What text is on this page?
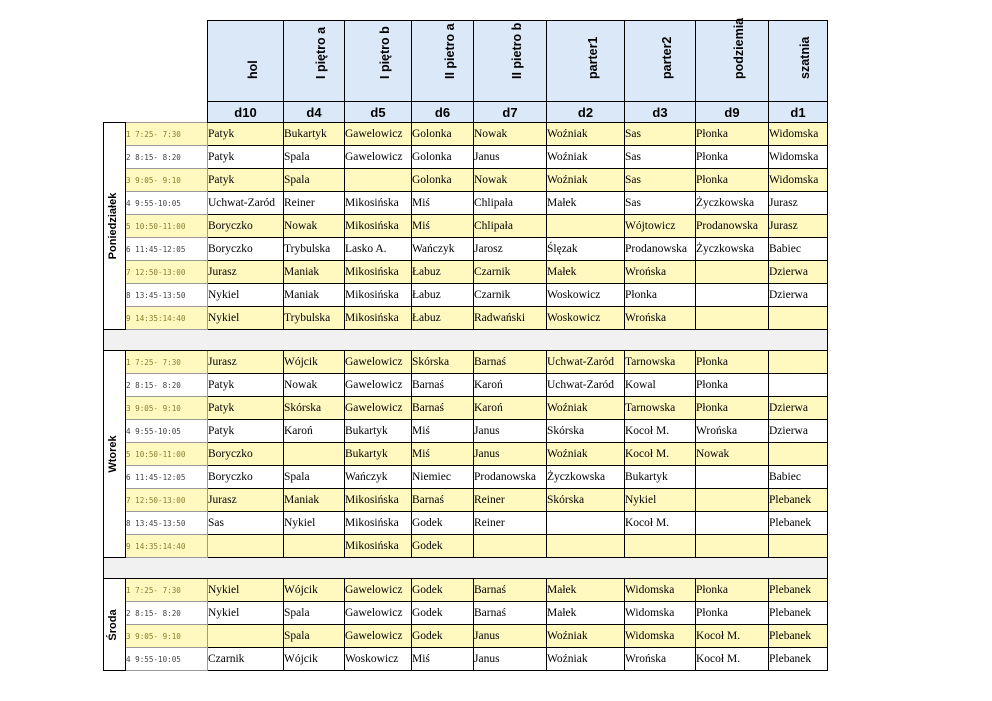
		hol	I piętro a	I piętro b	II pietro a	II pietro b	parter1	parter2	podziemia	szatnia

		d10	d4	d5	d6	d7	d2	d3	d9	d1

Poniedziałek	1 7:25- 7:30	Patyk	Bukartyk	Gawelowicz	Golonka	Nowak	Woźniak	Sas	Płonka	Widomska
	2 8:15- 8:20	Patyk	Spala	Gawelowicz	Golonka	Janus	Woźniak	Sas	Płonka	Widomska
	3 9:05- 9:10	Patyk	Spala		Golonka	Nowak	Woźniak	Sas	Płonka	Widomska
	4 9:55-10:05	Uchwat-Zaród	Reiner	Mikosińska	Miś	Chlipała	Małek	Sas	Życzkowska	Jurasz
	5 10:50-11:00	Boryczko	Nowak	Mikosińska	Miś	Chlipała		Wójtowicz	Prodanowska	Jurasz
	6 11:45-12:05	Boryczko	Trybulska	Lasko A.	Wańczyk	Jarosz	Ślęzak	Prodanowska	Życzkowska	Babiec
	7 12:50-13:00	Jurasz	Maniak	Mikosińska	Łabuz	Czarnik	Małek	Wrońska		Dzierwa
	8 13:45-13:50	Nykiel	Maniak	Mikosińska	Łabuz	Czarnik	Woskowicz	Płonka		Dzierwa
	9 14:35:14:40	Nykiel	Trybulska	Mikosińska	Łabuz	Radwański	Woskowicz	Wrońska		

Wtorek	1 7:25- 7:30	Jurasz	Wójcik	Gawelowicz	Skórska	Barnaś	Uchwat-Zaród	Tarnowska	Płonka	
	2 8:15- 8:20	Patyk	Nowak	Gawelowicz	Barnaś	Karoń	Uchwat-Zaród	Kowal	Płonka	
	3 9:05- 9:10	Patyk	Skórska	Gawelowicz	Barnaś	Karoń	Woźniak	Tarnowska	Płonka	Dzierwa
	4 9:55-10:05	Patyk	Karoń	Bukartyk	Miś	Janus	Skórska	Kocoł M.	Wrońska	Dzierwa
	5 10:50-11:00	Boryczko		Bukartyk	Miś	Janus	Woźniak	Kocoł M.	Nowak	
	6 11:45-12:05	Boryczko	Spala	Wańczyk	Niemiec	Prodanowska	Życzkowska	Bukartyk		Babiec
	7 12:50-13:00	Jurasz	Maniak	Mikosińska	Barnaś	Reiner	Skórska	Nykiel		Plebanek
	8 13:45-13:50	Sas	Nykiel	Mikosińska	Godek	Reiner		Kocoł M.		Plebanek
	9 14:35:14:40			Mikosińska	Godek					

Środa	1 7:25- 7:30	Nykiel	Wójcik	Gawelowicz	Godek	Barnaś	Małek	Widomska	Płonka	Plebanek
	2 8:15- 8:20	Nykiel	Spala	Gawelowicz	Godek	Barnaś	Małek	Widomska	Płonka	Plebanek
	3 9:05- 9:10		Spala	Gawelowicz	Godek	Janus	Woźniak	Widomska	Kocoł M.	Plebanek
	4 9:55-10:05	Czarnik	Wójcik	Woskowicz	Miś	Janus	Woźniak	Wrońska	Kocoł M.	Plebanek
